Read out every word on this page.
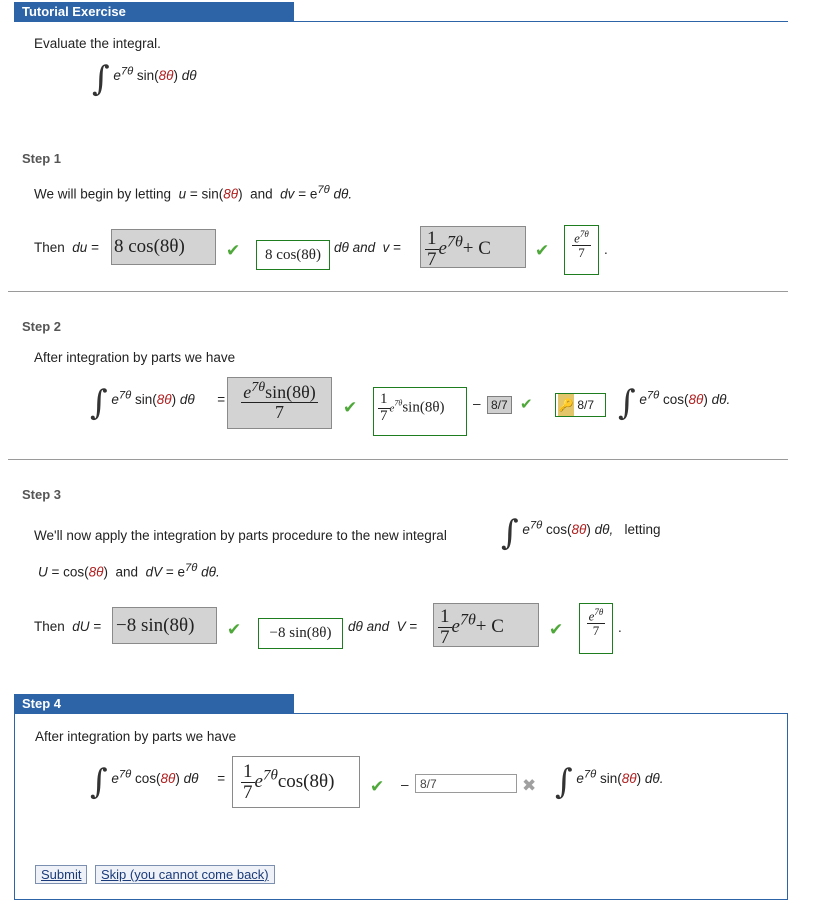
Tutorial Exercise
Evaluate the integral.
∫ $e^{7\theta}$ sin(8θ) dθ
Step 1
We will begin by letting u = sin(8θ) and dv = $e^{7\theta}$ dθ.
Then du = 8 cos(8θ)	✔	8 cos(8θ) dθ and $v = \frac{1}{7} e^{7\theta}+ C$	✔ $\frac{e^{7\theta}}{7}$ .
Step 2
After integration by parts we have
∫ $e^{7\theta}$ sin(8θ) $d\theta = \frac{e^{7\theta}\sin(8\theta)}{7}$ ✔ $\frac{1}{7} e^{7\theta}\sin(8\theta)$	– 8/7 ✔ 🔑 8/7 ∫ $e^{7\theta}$ cos(8θ) dθ.
Step 3
We'll now apply the integration by parts procedure to the new integral ∫ $e^{7\theta}$ cos(8θ) dθ, letting
U = cos(8θ) and dV = $e^{7\theta}$ dθ.
Then dU = −8 sin(8θ)	✔	−8 sin(8θ)	dθ and $V = \frac{1}{7} e^{7\theta}+ C$	✔ $\frac{e^{7\theta}}{7}$ .
Step 4
After integration by parts we have
∫ $e^{7\theta}$ cos(8θ) $d\theta = \frac{1}{7} e^{7\theta}\cos(8\theta)$	✔ –
8/7	✖ ∫ $e^{7\theta}$ sin(8θ) dθ.
Submit	Skip (you cannot come back)
